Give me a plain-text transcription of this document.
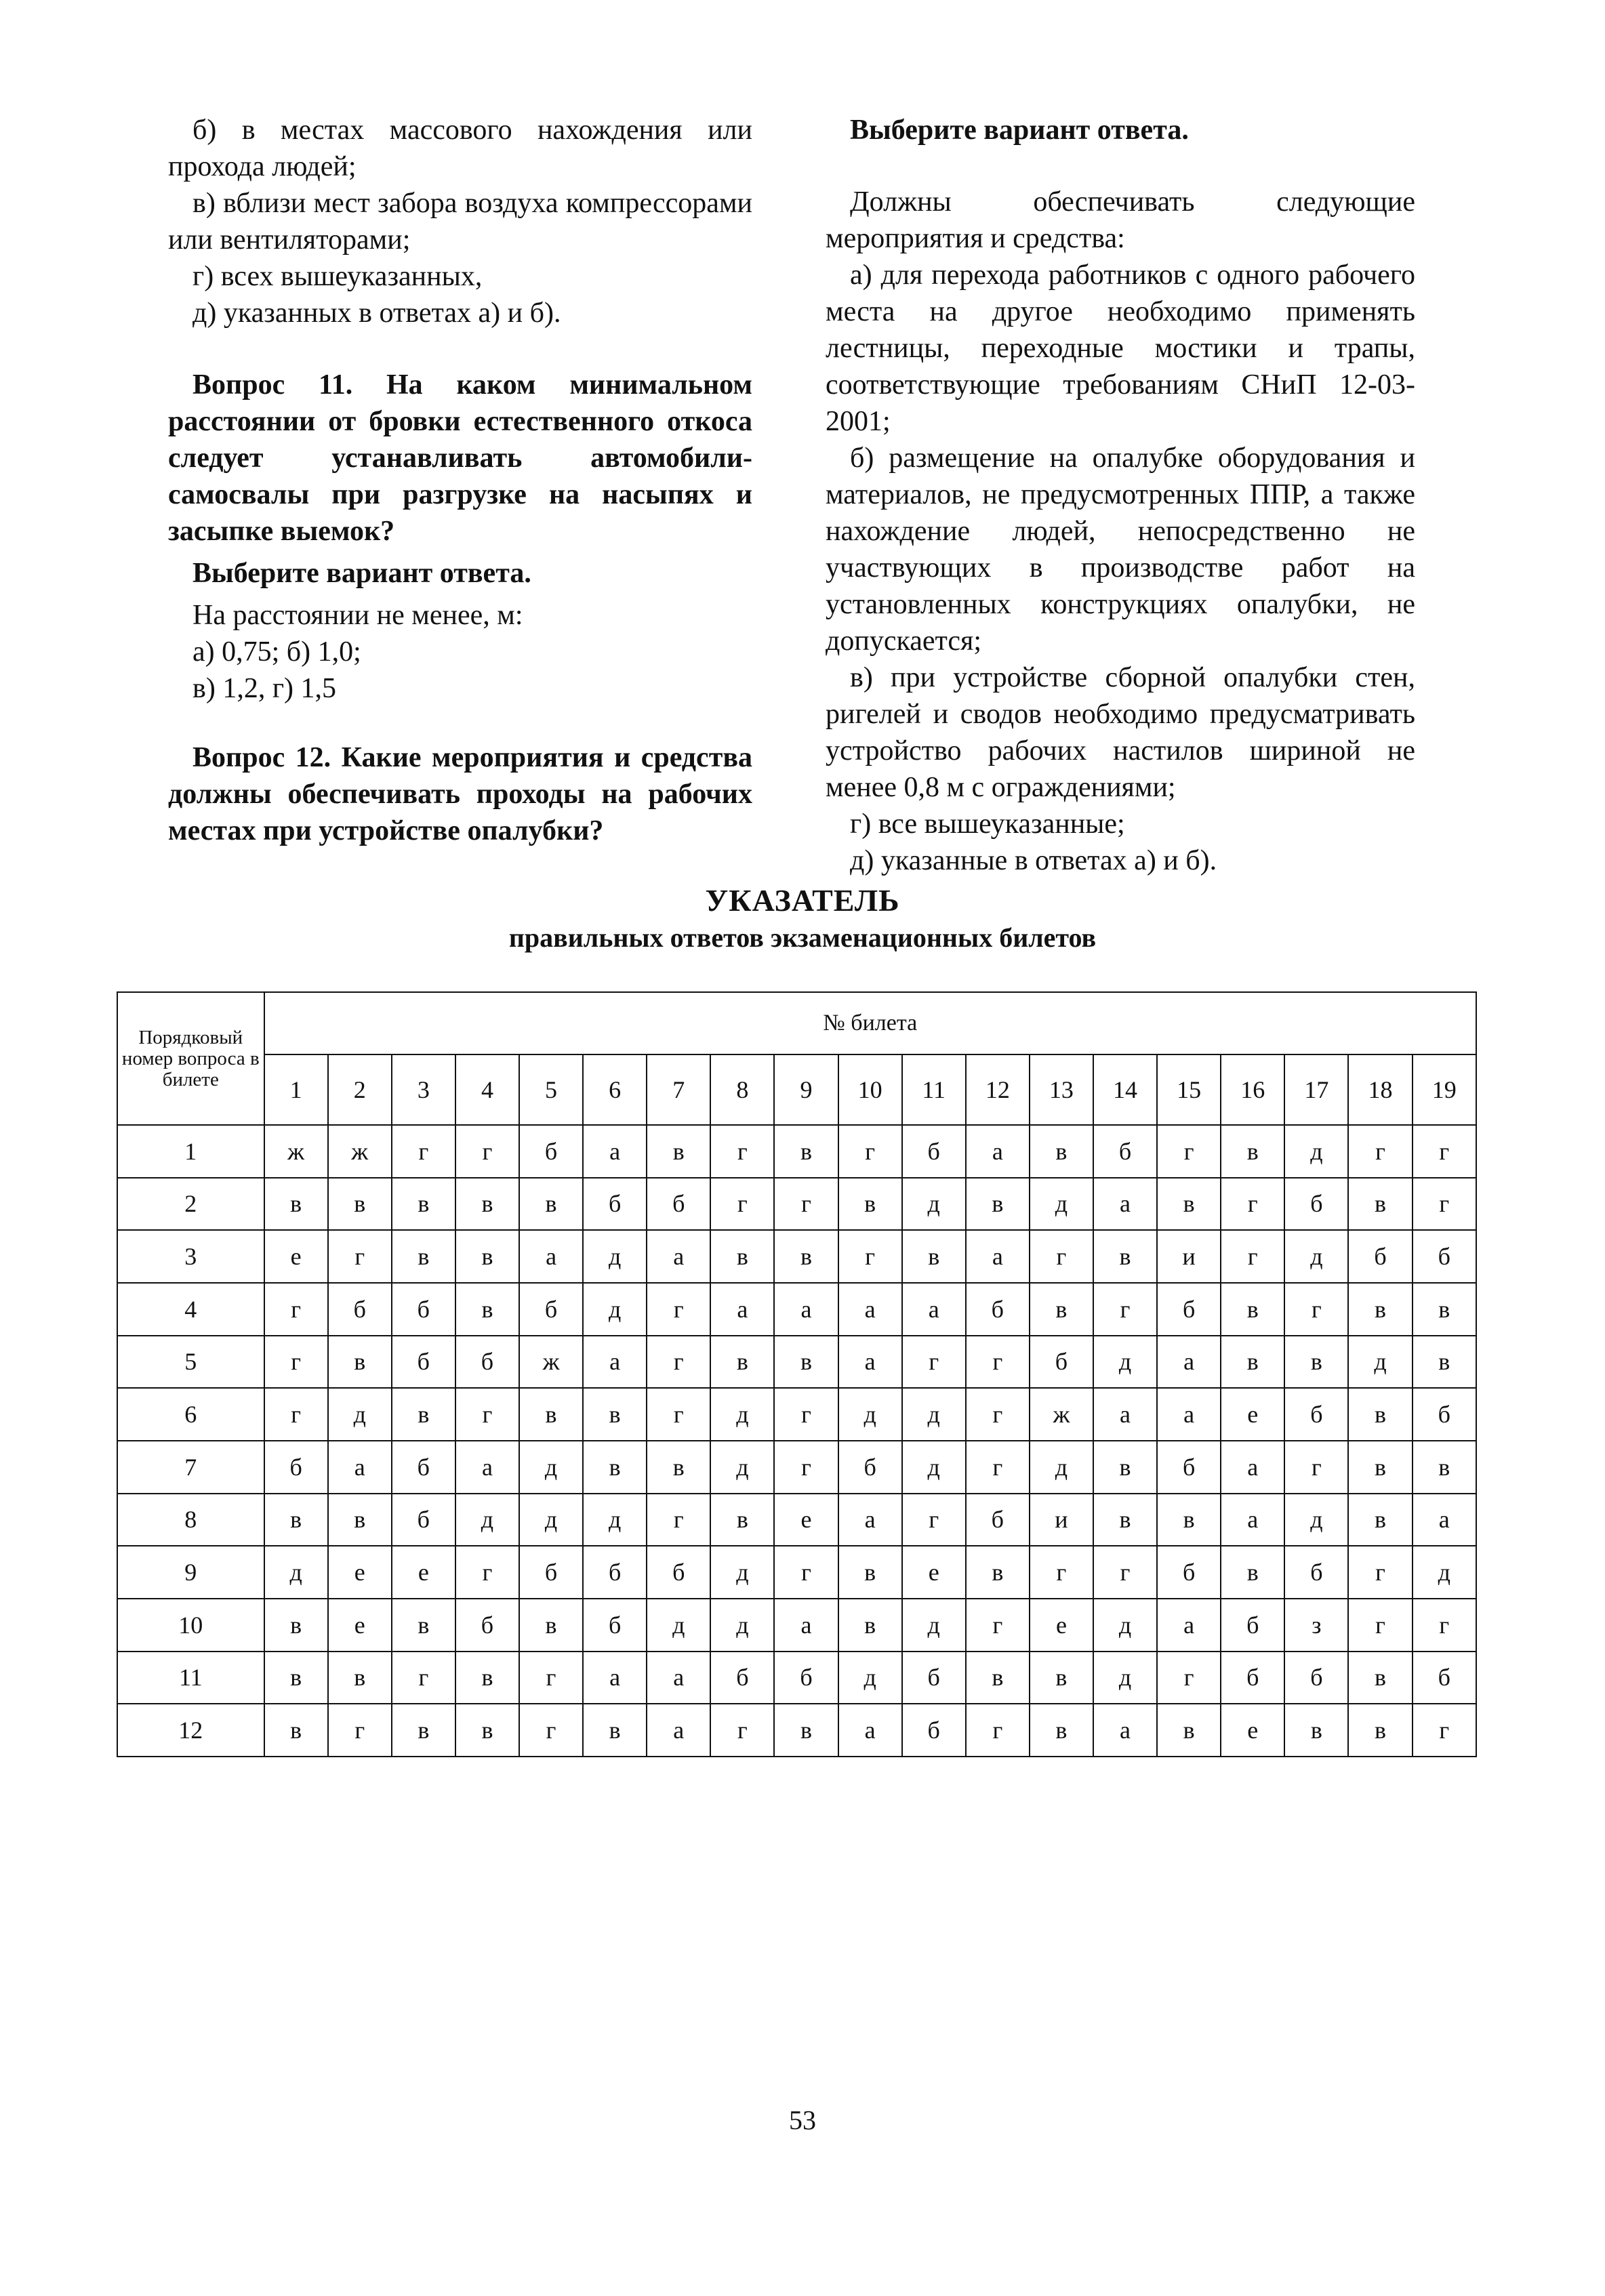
б) в местах массового нахождения или прохода людей;

в) вблизи мест забора воздуха компрессорами или вентиляторами;

г) всех вышеуказанных,

д) указанных в ответах а) и б).

Вопрос 11. На каком минимальном расстоянии от бровки естественного откоса следует устанавливать автомобили-самосвалы при разгрузке на насыпях и засыпке выемок?

Выберите вариант ответа.

На расстоянии не менее, м:

а) 0,75; б) 1,0;

в) 1,2, г) 1,5

Вопрос 12. Какие мероприятия и средства должны обеспечивать проходы на рабочих местах при устройстве опалубки?

Выберите вариант ответа.

Должны обеспечивать следующие мероприятия и средства:

а) для перехода работников с одного рабочего места на другое необходимо применять лестницы, переходные мостики и трапы, соответствующие требованиям СНиП 12-03-2001;

б) размещение на опалубке оборудования и материалов, не предусмотренных ППР, а также нахождение людей, непосредственно не участвующих в производстве работ на установленных конструкциях опалубки, не допускается;

в) при устройстве сборной опалубки стен, ригелей и сводов необходимо предусматривать устройство рабочих настилов шириной не менее 0,8 м с ограждениями;

г) все вышеуказанные;

д) указанные в ответах а) и б).

УКАЗАТЕЛЬ
правильных ответов экзаменационных билетов
Порядковый номер вопроса в билете	№ билета																		
	1	2	3	4	5	6	7	8	9	10	11	12	13	14	15	16	17	18	19
1	ж	ж	г	г	б	а	в	г	в	г	б	а	в	б	г	в	д	г	г
2	в	в	в	в	в	б	б	г	г	в	д	в	д	а	в	г	б	в	г
3	е	г	в	в	а	д	а	в	в	г	в	а	г	в	и	г	д	б	б
4	г	б	б	в	б	д	г	а	а	а	а	б	в	г	б	в	г	в	в
5	г	в	б	б	ж	а	г	в	в	а	г	г	б	д	а	в	в	д	в
6	г	д	в	г	в	в	г	д	г	д	д	г	ж	а	а	е	б	в	б
7	б	а	б	а	д	в	в	д	г	б	д	г	д	в	б	а	г	в	в
8	в	в	б	д	д	д	г	в	е	а	г	б	и	в	в	а	д	в	а
9	д	е	е	г	б	б	б	д	г	в	е	в	г	г	б	в	б	г	д
10	в	е	в	б	в	б	д	д	а	в	д	г	е	д	а	б	з	г	г
11	в	в	г	в	г	а	а	б	б	д	б	в	в	д	г	б	б	в	б
12	в	г	в	в	г	в	а	г	в	а	б	г	в	а	в	е	в	в	г
53
